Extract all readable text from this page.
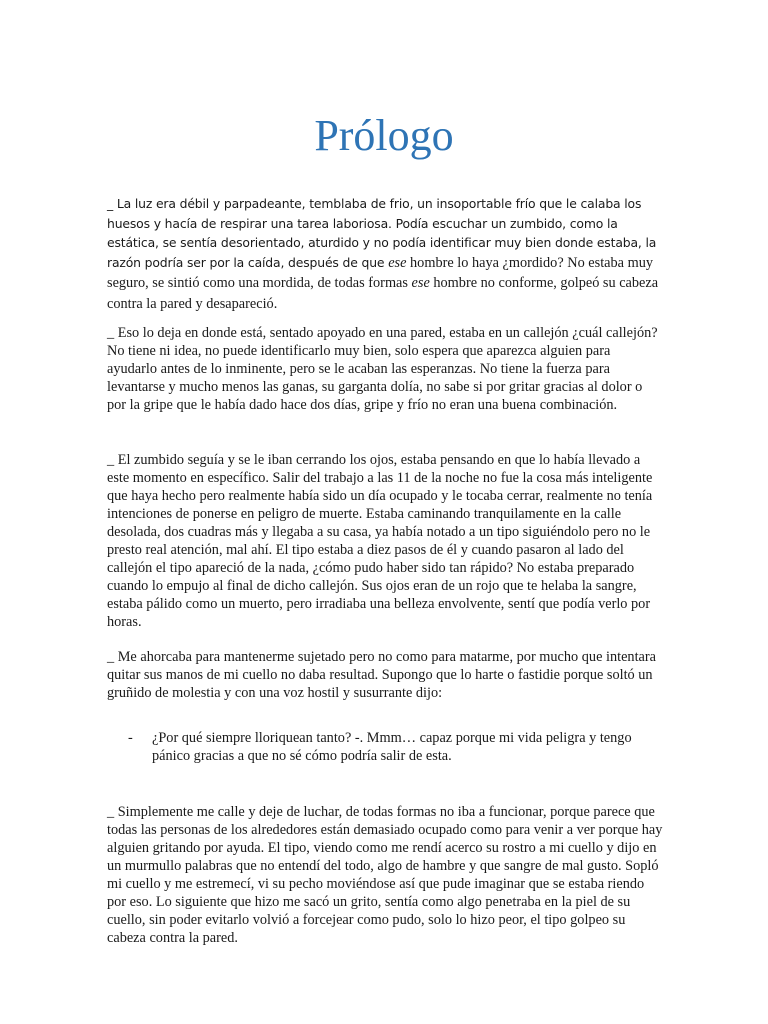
Prólogo

_ La luz era débil y parpadeante, temblaba de frio, un insoportable frío que le calaba los huesos y hacía de respirar una tarea laboriosa. Podía escuchar un zumbido, como la estática, se sentía desorientado, aturdido y no podía identificar muy bien donde estaba, la razón podría ser por la caída, después de que ese hombre lo haya ¿mordido? No estaba muy seguro, se sintió como una mordida, de todas formas ese hombre no conforme, golpeó su cabeza contra la pared y desapareció.

_ Eso lo deja en donde está, sentado apoyado en una pared, estaba en un callejón ¿cuál callejón? No tiene ni idea, no puede identificarlo muy bien, solo espera que aparezca alguien para ayudarlo antes de lo inminente, pero se le acaban las esperanzas. No tiene la fuerza para levantarse y mucho menos las ganas, su garganta dolía, no sabe si por gritar gracias al dolor o por la gripe que le había dado hace dos días, gripe y frío no eran una buena combinación.

_ El zumbido seguía y se le iban cerrando los ojos, estaba pensando en que lo había llevado a este momento en específico. Salir del trabajo a las 11 de la noche no fue la cosa más inteligente que haya hecho pero realmente había sido un día ocupado y le tocaba cerrar, realmente no tenía intenciones de ponerse en peligro de muerte. Estaba caminando tranquilamente en la calle desolada, dos cuadras más y llegaba a su casa, ya había notado a un tipo siguiéndolo pero no le presto real atención, mal ahí. El tipo estaba a diez pasos de él y cuando pasaron al lado del callejón el tipo apareció de la nada, ¿cómo pudo haber sido tan rápido? No estaba preparado cuando lo empujo al final de dicho callejón. Sus ojos eran de un rojo que te helaba la sangre, estaba pálido como un muerto, pero irradiaba una belleza envolvente, sentí que podía verlo por horas.

_ Me ahorcaba para mantenerme sujetado pero no como para matarme, por mucho que intentara quitar sus manos de mi cuello no daba resultad. Supongo que lo harte o fastidie porque soltó un gruñido de molestia y con una voz hostil y susurrante dijo:

- ¿Por qué siempre lloriquean tanto? -. Mmm… capaz porque mi vida peligra y tengo pánico gracias a que no sé cómo podría salir de esta.

_ Simplemente me calle y deje de luchar, de todas formas no iba a funcionar, porque parece que todas las personas de los alrededores están demasiado ocupado como para venir a ver porque hay alguien gritando por ayuda. El tipo, viendo como me rendí acerco su rostro a mi cuello y dijo en un murmullo palabras que no entendí del todo, algo de hambre y que sangre de mal gusto. Sopló mi cuello y me estremecí, vi su pecho moviéndose así que pude imaginar que se estaba riendo por eso. Lo siguiente que hizo me sacó un grito, sentía como algo penetraba en la piel de su cuello, sin poder evitarlo volvió a forcejear como pudo, solo lo hizo peor, el tipo golpeo su cabeza contra la pared.
